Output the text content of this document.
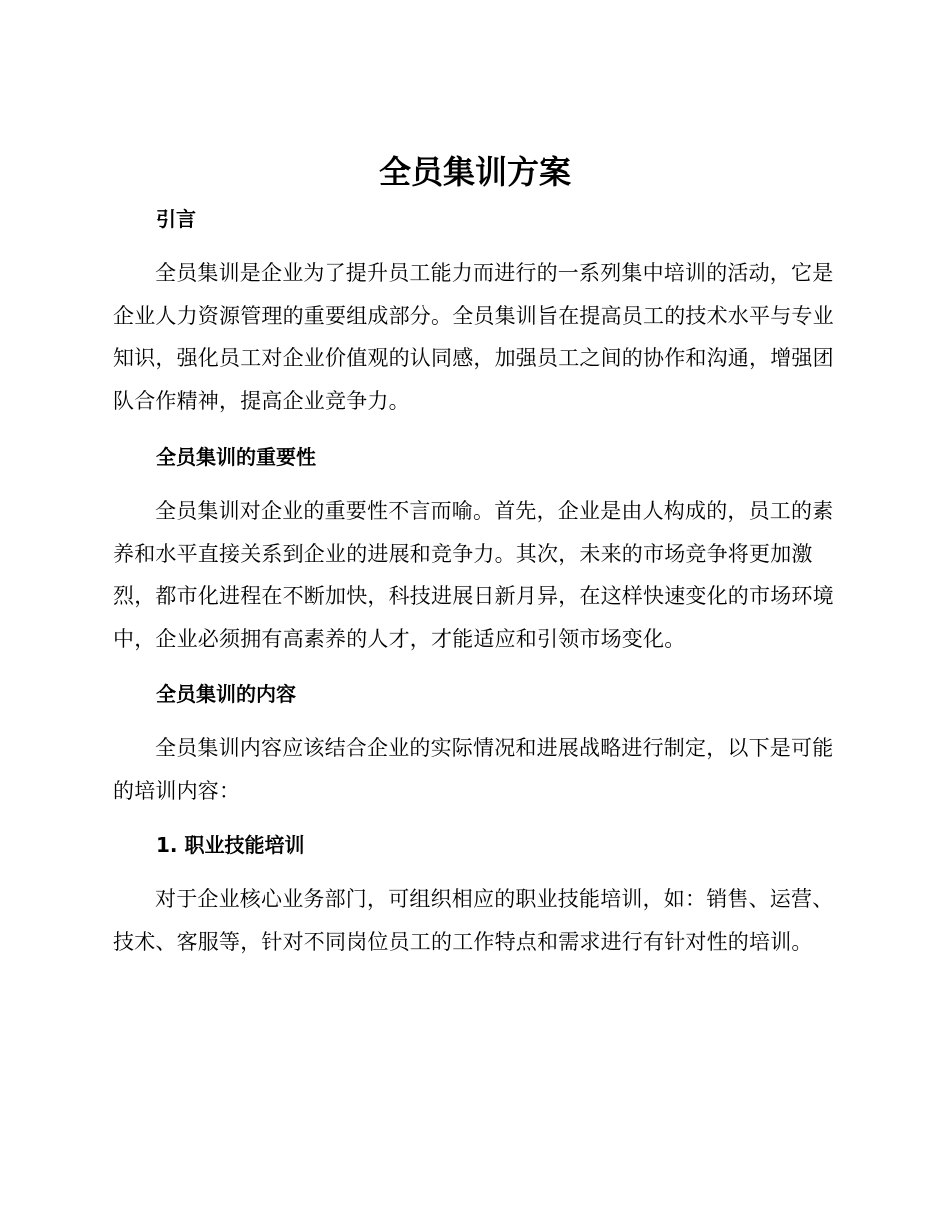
全员集训方案
引言

全员集训是企业为了提升员工能力而进行的一系列集中培训的活动，它是企业人力资源管理的重要组成部分。全员集训旨在提高员工的技术水平与专业知识，强化员工对企业价值观的认同感，加强员工之间的协作和沟通，增强团队合作精神，提高企业竞争力。

全员集训的重要性

全员集训对企业的重要性不言而喻。首先，企业是由人构成的，员工的素养和水平直接关系到企业的进展和竞争力。其次，未来的市场竞争将更加激烈，都市化进程在不断加快，科技进展日新月异，在这样快速变化的市场环境中，企业必须拥有高素养的人才，才能适应和引领市场变化。

全员集训的内容

全员集训内容应该结合企业的实际情况和进展战略进行制定，以下是可能的培训内容：

1. 职业技能培训

对于企业核心业务部门，可组织相应的职业技能培训，如：销售、运营、技术、客服等，针对不同岗位员工的工作特点和需求进行有针对性的培训。
